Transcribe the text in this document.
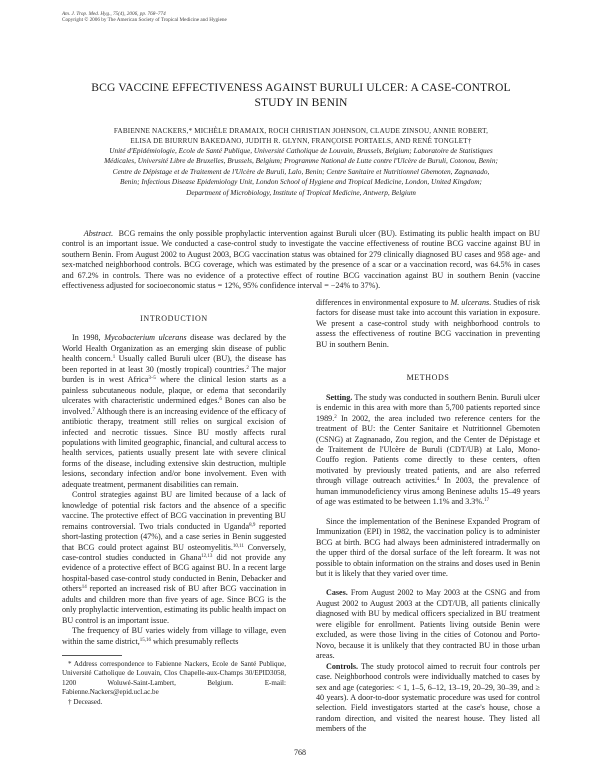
Am. J. Trop. Med. Hyg., 75(4), 2006, pp. 768–774
Copyright © 2006 by The American Society of Tropical Medicine and Hygiene
BCG VACCINE EFFECTIVENESS AGAINST BURULI ULCER: A CASE-CONTROL
STUDY IN BENIN
FABIENNE NACKERS,* MICHÈLE DRAMAIX, ROCH CHRISTIAN JOHNSON, CLAUDE ZINSOU, ANNIE ROBERT,
ELISA DE BIURRUN BAKEDANO, JUDITH R. GLYNN, FRANÇOISE PORTAELS, AND RENÉ TONGLET†
Unité d'Epidémiologie, Ecole de Santé Publique, Université Catholique de Louvain, Brussels, Belgium; Laboratoire de Statistiques
Médicales, Université Libre de Bruxelles, Brussels, Belgium; Programme National de Lutte contre l'Ulcère de Buruli, Cotonou, Benin;
Centre de Dépistage et de Traitement de l'Ulcère de Buruli, Lalo, Benin; Centre Sanitaire et Nutritionnel Gbemoten, Zagnanado,
Benin; Infectious Disease Epidemiology Unit, London School of Hygiene and Tropical Medicine, London, United Kingdom;
Department of Microbiology, Institute of Tropical Medicine, Antwerp, Belgium
Abstract. BCG remains the only possible prophylactic intervention against Buruli ulcer (BU). Estimating its public health impact on BU control is an important issue. We conducted a case-control study to investigate the vaccine effectiveness of routine BCG vaccine against BU in southern Benin. From August 2002 to August 2003, BCG vaccination status was obtained for 279 clinically diagnosed BU cases and 958 age- and sex-matched neighborhood controls. BCG coverage, which was estimated by the presence of a scar or a vaccination record, was 64.5% in cases and 67.2% in controls. There was no evidence of a protective effect of routine BCG vaccination against BU in southern Benin (vaccine effectiveness adjusted for socioeconomic status = 12%, 95% confidence interval = −24% to 37%).
INTRODUCTION

In 1998, Mycobacterium ulcerans disease was declared by the World Health Organization as an emerging skin disease of public health concern.$^1$ Usually called Buruli ulcer (BU), the disease has been reported in at least 30 (mostly tropical) countries.$^2$ The major burden is in west Africa$^{3-5}$ where the clinical lesion starts as a painless subcutaneous nodule, plaque, or edema that secondarily ulcerates with characteristic undermined edges.$^6$ Bones can also be involved.$^7$ Although there is an increasing evidence of the efficacy of antibiotic therapy, treatment still relies on surgical excision of infected and necrotic tissues. Since BU mostly affects rural populations with limited geographic, financial, and cultural access to health services, patients usually present late with severe clinical forms of the disease, including extensive skin destruction, multiple lesions, secondary infection and/or bone involvement. Even with adequate treatment, permanent disabilities can remain.

Control strategies against BU are limited because of a lack of knowledge of potential risk factors and the absence of a specific vaccine. The protective effect of BCG vaccination in preventing BU remains controversial. Two trials conducted in Uganda$^{8,9}$ reported short-lasting protection (47%), and a case series in Benin suggested that BCG could protect against BU osteomyelitis.$^{10,11}$ Conversely, case-control studies conducted in Ghana$^{12,13}$ did not provide any evidence of a protective effect of BCG against BU. In a recent large hospital-based case-control study conducted in Benin, Debacker and others$^{14}$ reported an increased risk of BU after BCG vaccination in adults and children more than five years of age. Since BCG is the only prophylactic intervention, estimating its public health impact on BU control is an important issue.

The frequency of BU varies widely from village to village, even within the same district,$^{15,16}$ which presumably reflects

differences in environmental exposure to M. ulcerans. Studies of risk factors for disease must take into account this variation in exposure. We present a case-control study with neighborhood controls to assess the effectiveness of routine BCG vaccination in preventing BU in southern Benin.

METHODS

Setting. The study was conducted in southern Benin. Buruli ulcer is endemic in this area with more than 5,700 patients reported since 1989.$^2$ In 2002, the area included two reference centers for the treatment of BU: the Center Sanitaire et Nutritionnel Gbemoten (CSNG) at Zagnanado, Zou region, and the Center de Dépistage et de Traitement de l'Ulcère de Buruli (CDT/UB) at Lalo, Mono-Couffo region. Patients come directly to these centers, often motivated by previously treated patients, and are also referred through village outreach activities.$^4$ In 2003, the prevalence of human immunodeficiency virus among Beninese adults 15–49 years of age was estimated to be between 1.1% and 3.3%.$^{17}$

Since the implementation of the Beninese Expanded Program of Immunization (EPI) in 1982, the vaccination policy is to administer BCG at birth. BCG had always been administered intradermally on the upper third of the dorsal surface of the left forearm. It was not possible to obtain information on the strains and doses used in Benin but it is likely that they varied over time.

Cases. From August 2002 to May 2003 at the CSNG and from August 2002 to August 2003 at the CDT/UB, all patients clinically diagnosed with BU by medical officers specialized in BU treatment were eligible for enrollment. Patients living outside Benin were excluded, as were those living in the cities of Cotonou and Porto-Novo, because it is unlikely that they contracted BU in those urban areas.

Controls. The study protocol aimed to recruit four controls per case. Neighborhood controls were individually matched to cases by sex and age (categories: < 1, 1–5, 6–12, 13–19, 20–29, 30–39, and ≥ 40 years). A door-to-door systematic procedure was used for control selection. Field investigators started at the case's house, chose a random direction, and visited the nearest house. They listed all members of the

* Address correspondence to Fabienne Nackers, Ecole de Santé Publique, Université Catholique de Louvain, Clos Chapelle-aux-Champs 30/EPID3058, 1200 Woluwé-Saint-Lambert, Belgium. E-mail: Fabienne.Nackers@epid.ucl.ac.be

† Deceased.

768
